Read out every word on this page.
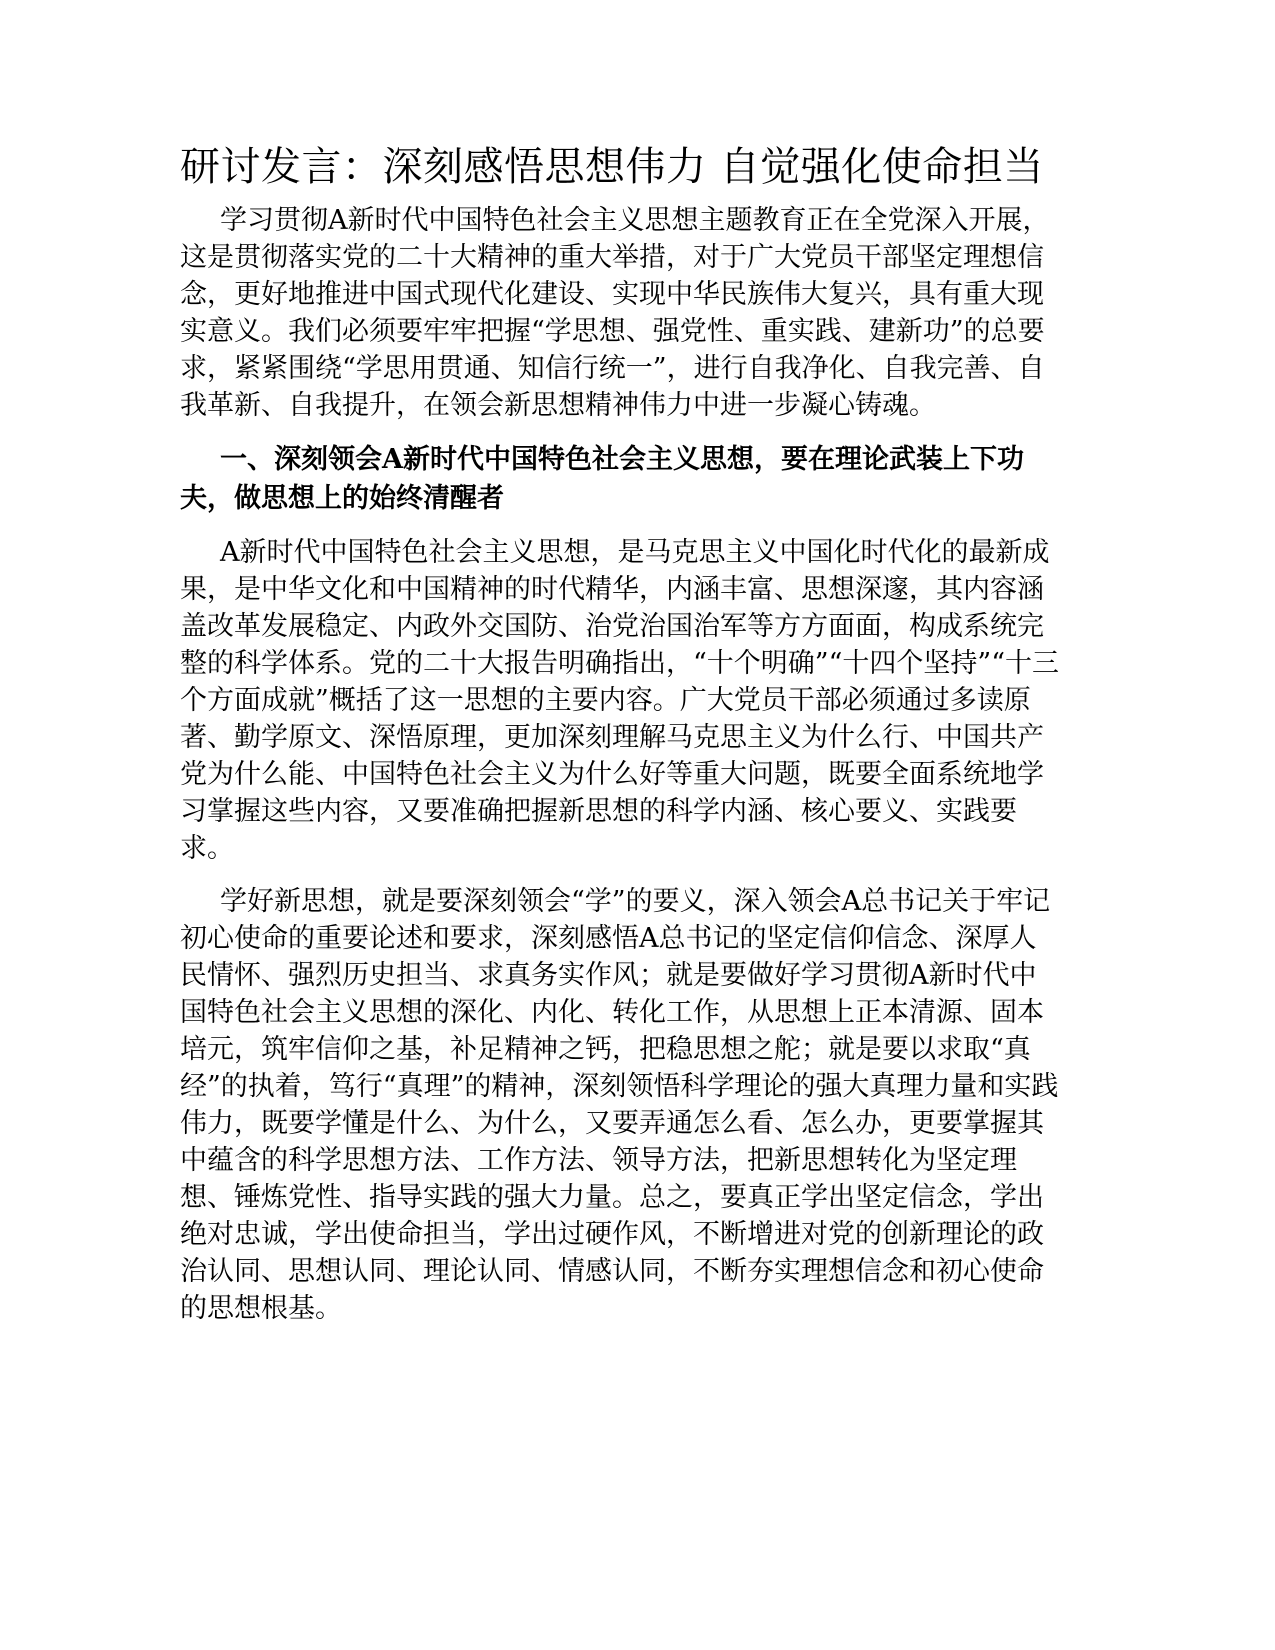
研讨发言：深刻感悟思想伟力 自觉强化使命担当

学习贯彻A新时代中国特色社会主义思想主题教育正在全党深入开展，这是贯彻落实党的二十大精神的重大举措，对于广大党员干部坚定理想信念，更好地推进中国式现代化建设、实现中华民族伟大复兴，具有重大现实意义。我们必须要牢牢把握“学思想、强党性、重实践、建新功”的总要求，紧紧围绕“学思用贯通、知信行统一”，进行自我净化、自我完善、自我革新、自我提升，在领会新思想精神伟力中进一步凝心铸魂。

一、深刻领会A新时代中国特色社会主义思想，要在理论武装上下功夫，做思想上的始终清醒者

A新时代中国特色社会主义思想，是马克思主义中国化时代化的最新成果，是中华文化和中国精神的时代精华，内涵丰富、思想深邃，其内容涵盖改革发展稳定、内政外交国防、治党治国治军等方方面面，构成系统完整的科学体系。党的二十大报告明确指出，“十个明确”“十四个坚持”“十三个方面成就”概括了这一思想的主要内容。广大党员干部必须通过多读原著、勤学原文、深悟原理，更加深刻理解马克思主义为什么行、中国共产党为什么能、中国特色社会主义为什么好等重大问题，既要全面系统地学习掌握这些内容，又要准确把握新思想的科学内涵、核心要义、实践要求。

学好新思想，就是要深刻领会“学”的要义，深入领会A总书记关于牢记初心使命的重要论述和要求，深刻感悟A总书记的坚定信仰信念、深厚人民情怀、强烈历史担当、求真务实作风；就是要做好学习贯彻A新时代中国特色社会主义思想的深化、内化、转化工作，从思想上正本清源、固本培元，筑牢信仰之基，补足精神之钙，把稳思想之舵；就是要以求取“真经”的执着，笃行“真理”的精神，深刻领悟科学理论的强大真理力量和实践伟力，既要学懂是什么、为什么，又要弄通怎么看、怎么办，更要掌握其中蕴含的科学思想方法、工作方法、领导方法，把新思想转化为坚定理想、锤炼党性、指导实践的强大力量。总之，要真正学出坚定信念，学出绝对忠诚，学出使命担当，学出过硬作风，不断增进对党的创新理论的政治认同、思想认同、理论认同、情感认同，不断夯实理想信念和初心使命的思想根基。
